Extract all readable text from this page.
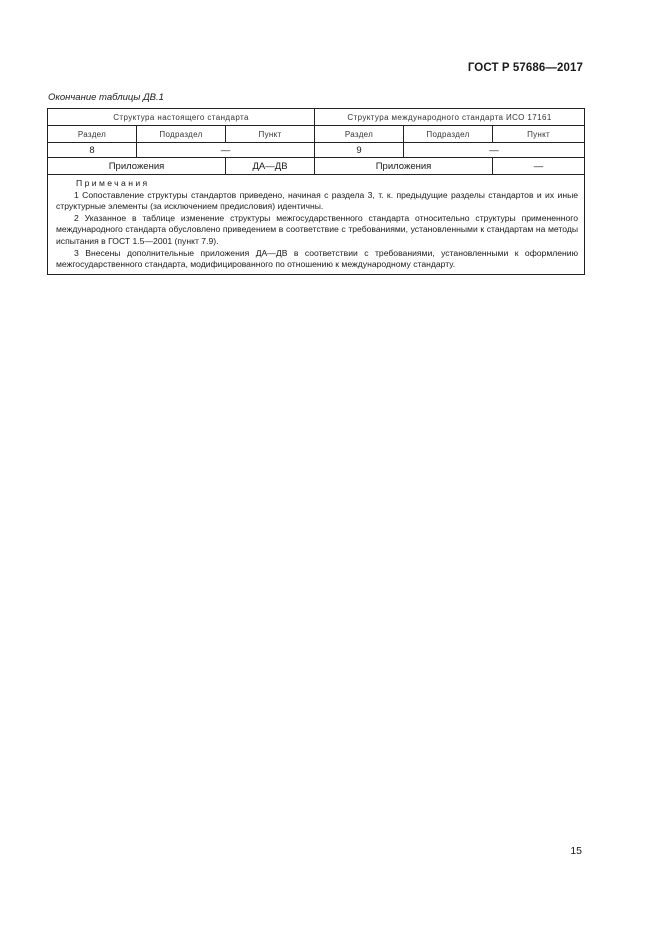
ГОСТ Р 57686—2017
Окончание таблицы ДВ.1
Структура настоящего стандарта			Структура международного стандарта ИСО 17161		
Раздел	Подраздел	Пункт	Раздел	Подраздел	Пункт
8	—		9	—	
Приложения		ДА—ДВ	Приложения		—

Примечания
1 Сопоставление структуры стандартов приведено, начиная с раздела 3, т. к. предыдущие разделы стандартов и их иные структурные элементы (за исключением предисловия) идентичны.
2 Указанное в таблице изменение структуры межгосударственного стандарта относительно структуры примененного международного стандарта обусловлено приведением в соответствие с требованиями, установленными к стандартам на методы испытания в ГОСТ 1.5—2001 (пункт 7.9).
3 Внесены дополнительные приложения ДА—ДВ в соответствии с требованиями, установленными к оформлению межгосударственного стандарта, модифицированного по отношению к международному стандарту.					
15
